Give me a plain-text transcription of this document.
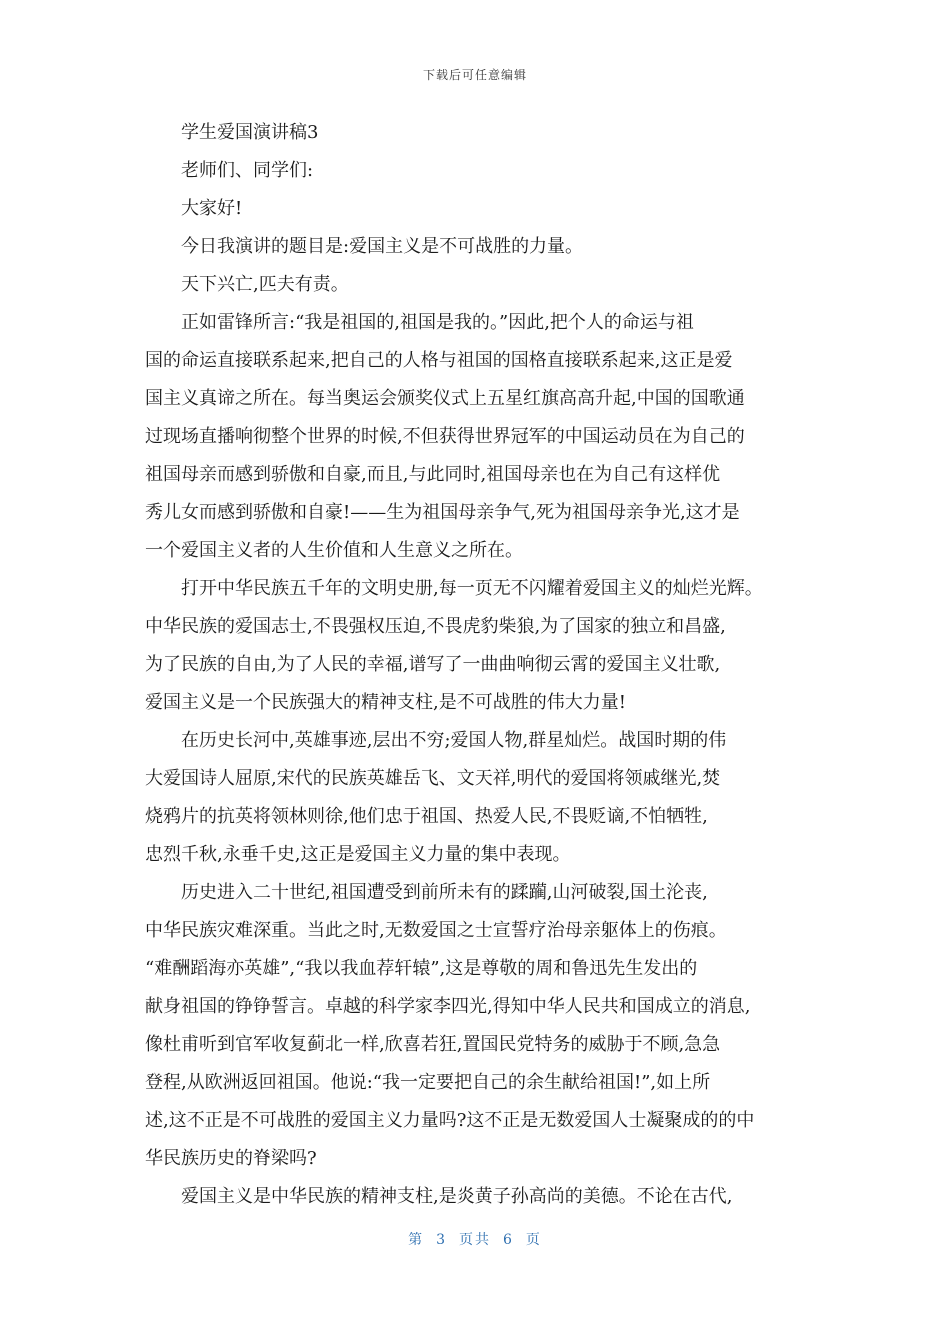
下载后可任意编辑
学生爱国演讲稿3
老师们、同学们:
大家好!
今日我演讲的题目是:爱国主义是不可战胜的力量。
天下兴亡,匹夫有责。
正如雷锋所言:“我是祖国的,祖国是我的。”因此,把个人的命运与祖
国的命运直接联系起来,把自己的人格与祖国的国格直接联系起来,这正是爱
国主义真谛之所在。每当奥运会颁奖仪式上五星红旗高高升起,中国的国歌通
过现场直播响彻整个世界的时候,不但获得世界冠军的中国运动员在为自己的
祖国母亲而感到骄傲和自豪,而且,与此同时,祖国母亲也在为自己有这样优
秀儿女而感到骄傲和自豪!——生为祖国母亲争气,死为祖国母亲争光,这才是
一个爱国主义者的人生价值和人生意义之所在。
打开中华民族五千年的文明史册,每一页无不闪耀着爱国主义的灿烂光辉。
中华民族的爱国志士,不畏强权压迫,不畏虎豹柴狼,为了国家的独立和昌盛,
为了民族的自由,为了人民的幸福,谱写了一曲曲响彻云霄的爱国主义壮歌,
爱国主义是一个民族强大的精神支柱,是不可战胜的伟大力量!
在历史长河中,英雄事迹,层出不穷;爱国人物,群星灿烂。战国时期的伟
大爱国诗人屈原,宋代的民族英雄岳飞、文天祥,明代的爱国将领戚继光,焚
烧鸦片的抗英将领林则徐,他们忠于祖国、热爱人民,不畏贬谪,不怕牺牲,
忠烈千秋,永垂千史,这正是爱国主义力量的集中表现。
历史进入二十世纪,祖国遭受到前所未有的蹂躏,山河破裂,国土沦丧,
中华民族灾难深重。当此之时,无数爱国之士宣誓疗治母亲躯体上的伤痕。
“难酬蹈海亦英雄”,“我以我血荐轩辕”,这是尊敬的周和鲁迅先生发出的
献身祖国的铮铮誓言。卓越的科学家李四光,得知中华人民共和国成立的消息,
像杜甫听到官军收复蓟北一样,欣喜若狂,置国民党特务的威胁于不顾,急急
登程,从欧洲返回祖国。他说:“我一定要把自己的余生献给祖国!”,如上所
述,这不正是不可战胜的爱国主义力量吗?这不正是无数爱国人士凝聚成的的中
华民族历史的脊梁吗?
爱国主义是中华民族的精神支柱,是炎黄子孙高尚的美德。不论在古代,
第 3 页共 6 页
